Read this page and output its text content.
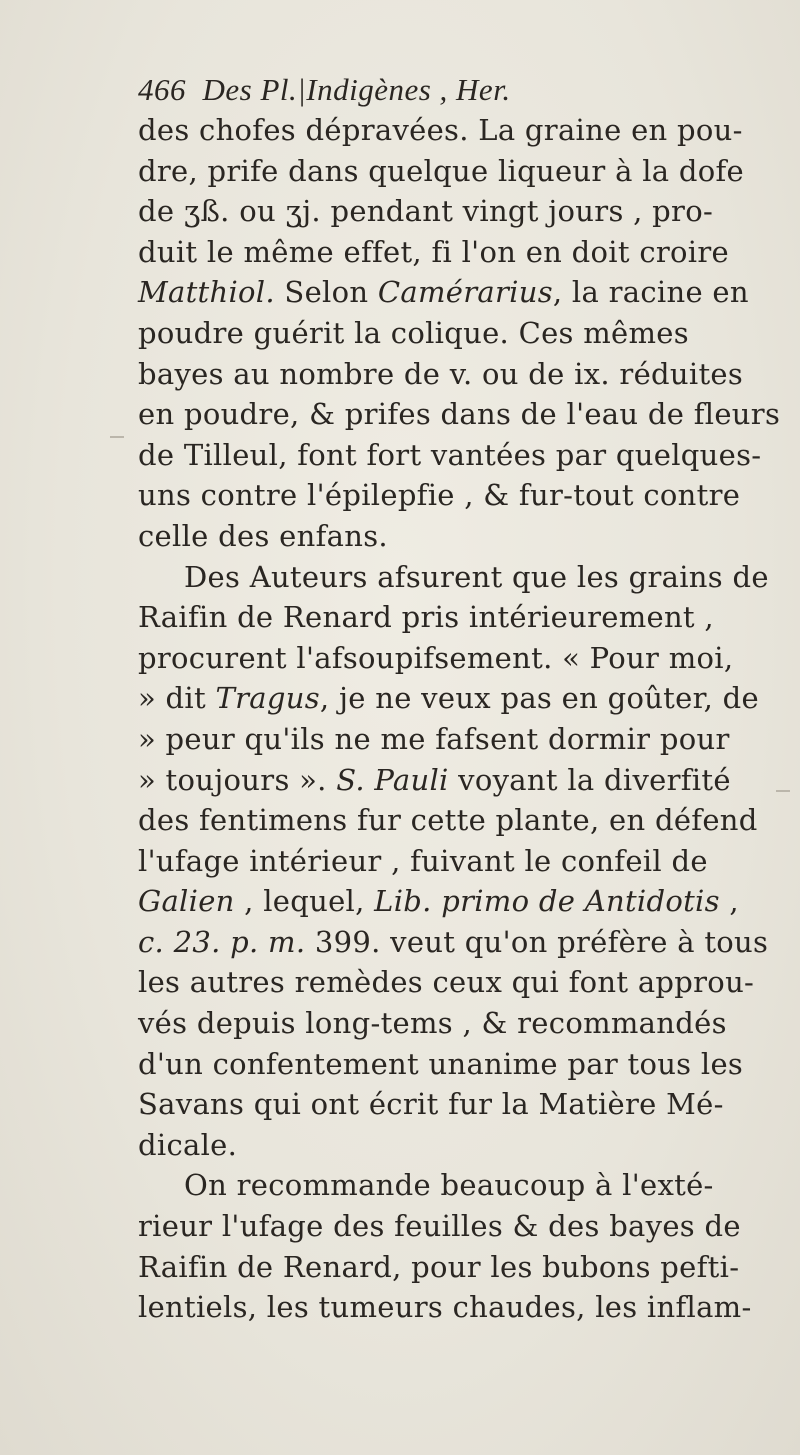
466 Des Pl.|Indigènes , Her.
des chofes dépravées. La graine en pou-
dre, prife dans quelque liqueur à la dofe
de ʒß. ou ʒj. pendant vingt jours , pro-
duit le même effet, fi l'on en doit croire
Matthiol. Selon Camérarius, la racine en
poudre guérit la colique. Ces mêmes
bayes au nombre de v. ou de ix. réduites
en poudre, & prifes dans de l'eau de fleurs
de Tilleul, font fort vantées par quelques-
uns contre l'épilepfie , & fur-tout contre
celle des enfans.
Des Auteurs afsurent que les grains de
Raifin de Renard pris intérieurement ,
procurent l'afsoupifsement. « Pour moi,
» dit Tragus, je ne veux pas en goûter, de
» peur qu'ils ne me fafsent dormir pour
» toujours ». S. Pauli voyant la diverfité
des fentimens fur cette plante, en défend
l'ufage intérieur , fuivant le confeil de
Galien , lequel, Lib. primo de Antidotis ,
c. 23. p. m. 399. veut qu'on préfère à tous
les autres remèdes ceux qui font approu-
vés depuis long-tems , & recommandés
d'un confentement unanime par tous les
Savans qui ont écrit fur la Matière Mé-
dicale.
On recommande beaucoup à l'exté-
rieur l'ufage des feuilles & des bayes de
Raifin de Renard, pour les bubons pefti-
lentiels, les tumeurs chaudes, les inflam-
